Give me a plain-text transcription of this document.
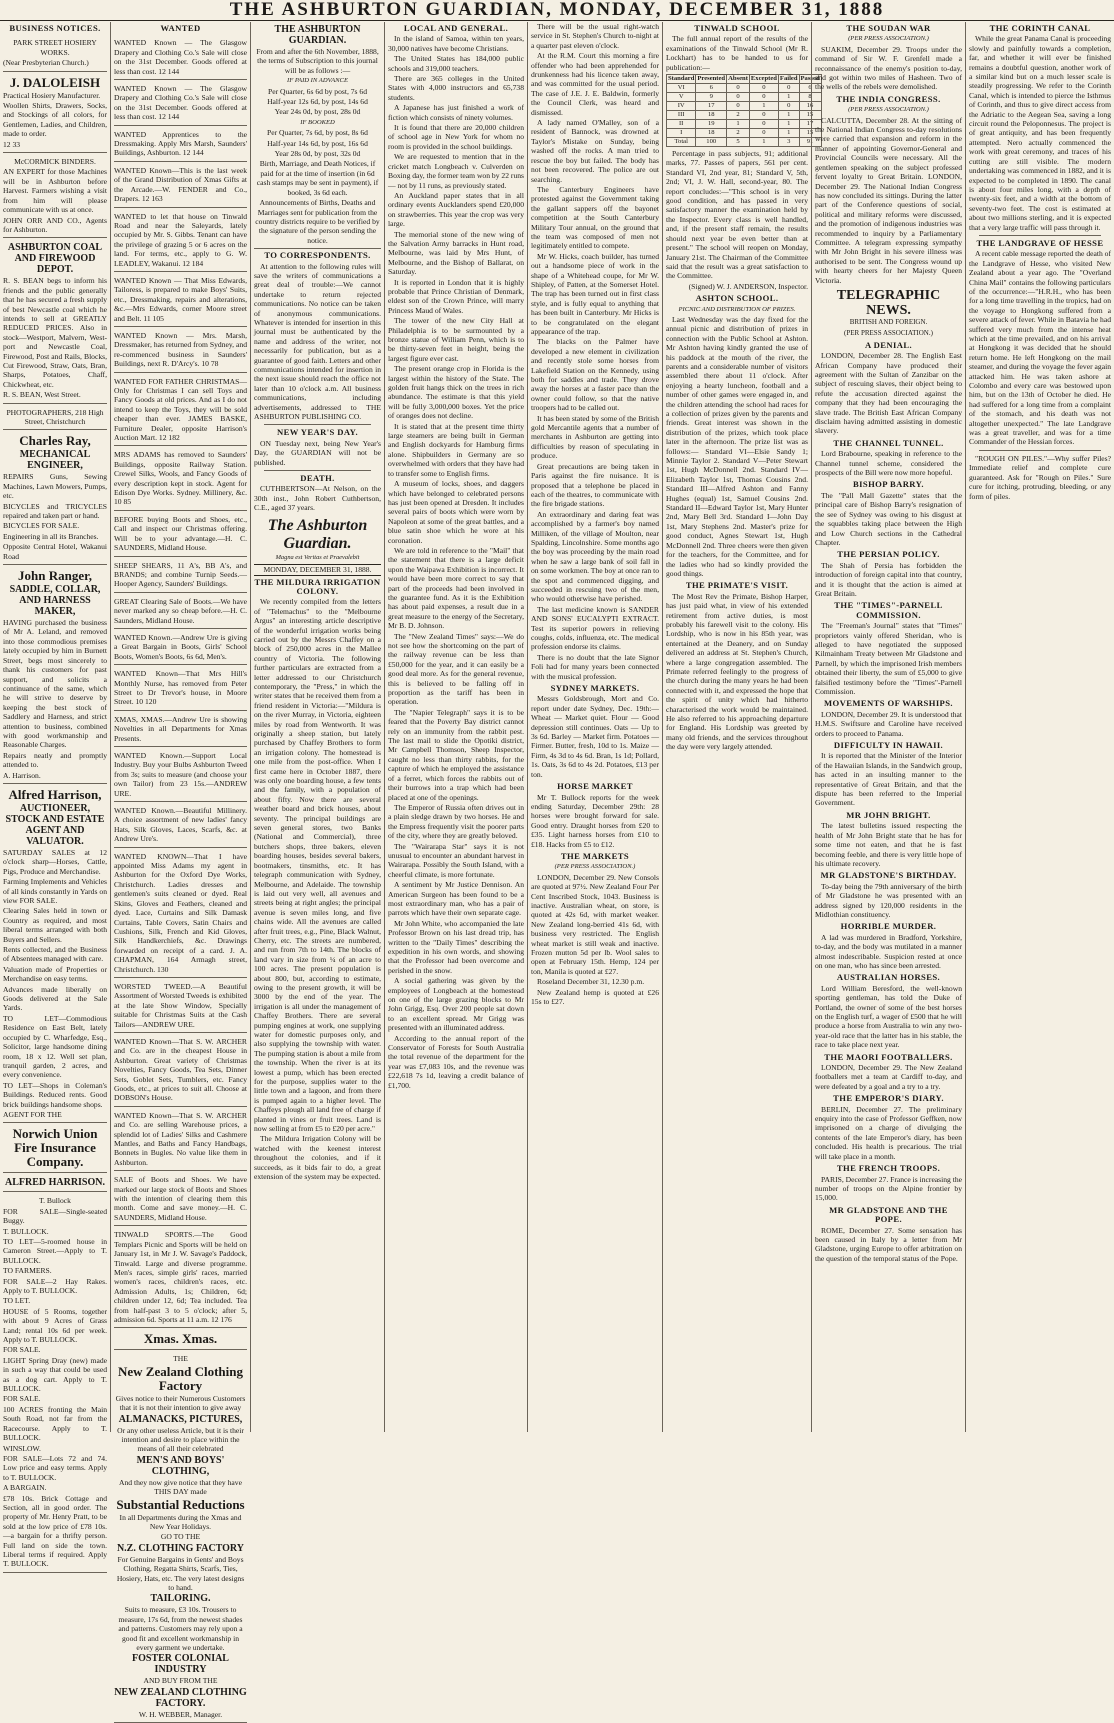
THE ASHBURTON GUARDIAN, MONDAY, DECEMBER 31, 1888
BUSINESS NOTICES.

PARK STREET HOSIERY WORKS.

(Near Presbyterian Church.)

J. DALOLEISH

Practical Hosiery Manufacturer.

Woollen Shirts, Drawers, Socks, and Stockings of all colors, for Gentlemen, Ladies, and Children, made to order.

12 33

McCORMICK BINDERS.

AN EXPERT for those Machines will be in Ashburton before Harvest. Farmers wishing a visit from him will please communicate with us at once.

JOHN ORR AND CO., Agents for Ashburton.

ASHBURTON COAL AND FIREWOOD DEPOT.

R. S. BEAN begs to inform his friends and the public generally that he has secured a fresh supply of best Newcastle coal which he intends to sell at GREATLY REDUCED PRICES. Also in stock—Westport, Malvern, West-port and Newcastle Coal, Firewood, Post and Rails, Blocks, Cut Firewood, Straw, Oats, Bran, Sharps, Potatoes, Chaff, Chickwheat, etc.

R. S. BEAN, West Street.

PHOTOGRAPHERS, 218 High Street, Christchurch

Charles Ray,

MECHANICAL ENGINEER,

REPAIRS Guns, Sewing Machines, Lawn Mowers, Pumps, etc.

BICYCLES and TRICYCLES repaired and taken part or hand.

BICYCLES FOR SALE.

Engineering in all its Branches.

Opposite Central Hotel, Wakanui Road

John Ranger,

SADDLE, COLLAR, AND HARNESS MAKER,

HAVING purchased the business of Mr A. Leland, and removed into those commodious premises lately occupied by him in Burnett Street, begs most sincerely to thank his customers for past support, and solicits a continuance of the same, which he will strive to deserve by keeping the best stock of Saddlery and Harness, and strict attention to business, combined with good workmanship and Reasonable Charges.

Repairs neatly and promptly attended to.

A. Harrison.

Alfred Harrison,

AUCTIONEER, STOCK AND ESTATE AGENT AND VALUATOR.

SATURDAY SALES at 12 o'clock sharp—Horses, Cattle, Pigs, Produce and Merchandise.

Farming Implements and Vehicles of all kinds constantly in Yards on view FOR SALE.

Clearing Sales held in town or Country as required, and most liberal terms arranged with both Buyers and Sellers.

Rents collected, and the Business of Absentees managed with care.

Valuation made of Properties or Merchandise on easy terms.

Advances made liberally on Goods delivered at the Sale Yards.

TO LET—Commodious Residence on East Belt, lately occupied by C. Wharfedge, Esq., Solicitor, large handsome dining room, 18 x 12. Well set plan, tranquil garden, 2 acres, and every convenience.

TO LET—Shops in Coleman's Buildings. Reduced rents. Good brick buildings handsome shops.

AGENT FOR THE

Norwich Union Fire Insurance Company.

ALFRED HARRISON.

T. Bullock

FOR SALE—Single-seated Buggy.

T. BULLOCK.

TO LET—5-roomed house in Cameron Street.—Apply to T. BULLOCK.

TO FARMERS.

FOR SALE—2 Hay Rakes. Apply to T. BULLOCK.

TO LET.

HOUSE of 5 Rooms, together with about 9 Acres of Grass Land; rental 10s 6d per week. Apply to T. BULLOCK.

FOR SALE.

LIGHT Spring Dray (new) made in such a way that could be used as a dog cart. Apply to T. BULLOCK.

FOR SALE.

100 ACRES fronting the Main South Road, not far from the Racecourse. Apply to T. BULLOCK.

WINSLOW.

FOR SALE—Lots 72 and 74. Low price and easy terms. Apply to T. BULLOCK.

A BARGAIN.

£78 10s. Brick Cottage and Section, all in good order. The property of Mr. Henry Pratt, to be sold at the low price of £78 10s.—a bargain for a thrifty person. Full land on side the town. Liberal terms if required. Apply T. BULLOCK.

WANTED

WANTED Known — The Glasgow Drapery and Clothing Co.'s Sale will close on the 31st December. Goods offered at less than cost. 12 144

WANTED Known — The Glasgow Drapery and Clothing Co.'s Sale will close on the 31st December. Goods offered at less than cost. 12 144

WANTED Apprentices to the Dressmaking. Apply Mrs Marsh, Saunders' Buildings, Ashburton. 12 144

WANTED Known—This is the last week of the Grand Distribution of Xmas Gifts at the Arcade.—W. FENDER and Co., Drapers. 12 163

WANTED to let that house on Tinwald Road and near the Saleyards, lately occupied by Mr. S. Gibbs. Tenant can have the privilege of grazing 5 or 6 acres on the land. For terms, etc., apply to G. W. LEADLEY, Wakanui. 12 184

WANTED Known — That Miss Edwards, Tailoress, is prepared to make Boys' Suits, etc., Dressmaking, repairs and alterations, &c.—Mrs Edwards, corner Moore street and Belt. 11 105

WANTED Known — Mrs. Marsh, Dressmaker, has returned from Sydney, and re-commenced business in Saunders' Buildings, next R. D'Arcy's. 10 78

WANTED FOR FATHER CHRISTMAS—Only for Christmas I can sell Toys and Fancy Goods at old prices. And as I do not intend to keep the Toys, they will be sold cheaper than ever. JAMES BASKE, Furniture Dealer, opposite Harrison's Auction Mart. 12 182

MRS ADAMS has removed to Saunders' Buildings, opposite Railway Station. Crewel Silks, Wools, and Fancy Goods of every description kept in stock. Agent for Edison Dye Works. Sydney. Millinery, &c. 10 85

BEFORE buying Boots and Shoes, etc., Call and inspect our Christmas offering. Will be to your advantage.—H. C. SAUNDERS, Midland House.

SHEEP SHEARS, 11 A's, BB A's, and BRANDS; and combine Turnip Seeds.—Hooper Agency, Saunders' Buildings.

GREAT Clearing Sale of Boots.—We have never marked any so cheap before.—H. C. Saunders, Midland House.

WANTED Known.—Andrew Ure is giving a Great Bargain in Boots, Girls' School Boots, Women's Boots, 6s 6d, Men's.

WANTED Known—That Mrs Hill's Monthly Nurse, has removed from Peter Street to Dr Trevor's house, in Moore Street. 10 120

XMAS, XMAS.—Andrew Ure is showing Novelties in all Departments for Xmas Presents.

WANTED Known.—Support Local Industry. Buy your Bulbs Ashburton Tweed from 3s; suits to measure (and choose your own Tailor) from 23 15s.—ANDREW URE.

WANTED Known.—Beautiful Millinery. A choice assortment of new ladies' fancy Hats, Silk Gloves, Laces, Scarfs, &c. at Andrew Ure's.

WANTED KNOWN—That I have appointed Miss Adams my agent in Ashburton for the Oxford Dye Works, Christchurch. Ladies dresses and gentlemen's suits cleaned or dyed. Real Skins, Gloves and Feathers, cleaned and dyed. Lace, Curtains and Silk Damask Curtains, Table Covers, Satin Chairs and Cushions, Silk, French and Kid Gloves, Silk Handkerchiefs, &c. Drawings forwarded on receipt of a card. J. A. CHAPMAN, 164 Armagh street, Christchurch. 130

WORSTED TWEED.—A Beautiful Assortment of Worsted Tweeds is exhibited at the late Show Window, Specially suitable for Christmas Suits at the Cash Tailors—ANDREW URE.

WANTED Known—That S. W. ARCHER and Co. are in the cheapest House in Ashburton. Great variety of Christmas Novelties, Fancy Goods, Tea Sets, Dinner Sets, Goblet Sets, Tumblers, etc. Fancy Goods, etc., at prices to suit all. Choose at DOBSON's House.

WANTED Known—That S. W. ARCHER and Co. are selling Warehouse prices, a splendid lot of Ladies' Silks and Cashmere Mantles, and Baths and Fancy Handbags, Bonnets in Bugles. No value like them in Ashburton.

SALE of Boots and Shoes. We have marked our large stock of Boots and Shoes with the intention of clearing them this month. Come and save money.—H. C. SAUNDERS, Midland House.

TINWALD SPORTS.—The Good Templars Picnic and Sports will be held on January 1st, in Mr J. W. Savage's Paddock, Tinwald. Large and diverse programme. Men's races, simple girls' races, married women's races, children's races, etc. Admission Adults, 1s; Children, 6d; children under 12, 6d; Tea included. Tea from half-past 3 to 5 o'clock; after 5, admission 6d. Sports at 11 a.m. 12 176

Xmas. Xmas.

THE

New Zealand Clothing Factory

Gives notice to their Numerous Customers that it is not their intention to give away

ALMANACKS, PICTURES,

Or any other useless Article, but it is their intention and desire to place within the means of all their celebrated

MEN'S AND BOYS' CLOTHING,

And they now give notice that they have THIS DAY made

Substantial Reductions

In all Departments during the Xmas and New Year Holidays.

GO TO THE

N.Z. CLOTHING FACTORY

For Genuine Bargains in Gents' and Boys Clothing, Regatta Shirts, Scarfs, Ties, Hosiery, Hats, etc. The very latest designs to hand.

TAILORING.

Suits to measure, £3 10s. Trousers to measure, 17s 6d, from the newest shades and patterns. Customers may rely upon a good fit and excellent workmanship in every garment we undertake.

FOSTER COLONIAL INDUSTRY

AND BUY FROM THE

NEW ZEALAND CLOTHING FACTORY.

W. H. WEBBER, Manager.

THE ASHBURTON GUARDIAN.

From and after the 6th November, 1888, the terms of Subscription to this journal will be as follows :—

IF PAID IN ADVANCE

Per Quarter, 6s 6d by post, 7s 6d

Half-year 12s 6d, by post, 14s 6d

Year 24s 0d, by post, 28s 0d

IF BOOKED

Per Quarter, 7s 6d, by post, 8s 6d

Half-year 14s 6d, by post, 16s 6d

Year 28s 0d, by post, 32s 0d

Birth, Marriage, and Death Notices, if paid for at the time of insertion (in 6d cash stamps may be sent in payment), if booked, 3s 6d each.

Announcements of Births, Deaths and Marriages sent for publication from the country districts require to be verified by the signature of the person sending the notice.

TO CORRESPONDENTS.

At attention to the following rules will save the writers of communications a great deal of trouble:—We cannot undertake to return rejected communications. No notice can be taken of anonymous communications. Whatever is intended for insertion in this journal must be authenticated by the name and address of the writer, not necessarily for publication, but as a guarantee of good faith. Letters and other communications intended for insertion in the next issue should reach the office not later than 10 o'clock a.m. All business communications, including advertisements, addressed to THE ASHBURTON PUBLISHING CO.

NEW YEAR'S DAY.

ON Tuesday next, being New Year's Day, the GUARDIAN will not be published.

DEATH.

CUTHBERTSON—At Nelson, on the 30th inst., John Robert Cuthbertson, C.E., aged 37 years.

The Ashburton Guardian.
Magna est Veritas et Praevalebit
MONDAY, DECEMBER 31, 1888.
THE MILDURA IRRIGATION COLONY.

We recently compiled from the letters of "Telemachus" to the "Melbourne Argus" an interesting article descriptive of the wonderful irrigation works being carried out by the Messrs Chaffey on a block of 250,000 acres in the Mallee country of Victoria. The following further particulars are extracted from a letter addressed to our Christchurch contemporary, the "Press," in which the writer states that he received them from a friend resident in Victoria:—"Mildura is on the river Murray, in Victoria, eighteen miles by road from Wentworth. It was originally a sheep station, but lately purchased by Chaffey Brothers to form an irrigation colony. The homestead is one mile from the post-office. When I first came here in October 1887, there was only one boarding house, a few tents and the family, with a population of about fifty. Now there are several weather board and brick houses, about seventy. The principal buildings are seven general stores, two Banks (National and Commercial), three butchers shops, three bakers, eleven boarding houses, besides several bakers, bootmakers, tinsmiths, etc. It has telegraph communication with Sydney, Melbourne, and Adelaide. The township is laid out very well, all avenues and streets being at right angles; the principal avenue is seven miles long, and five chains wide. All the avenues are called after fruit trees, e.g., Pine, Black Walnut, Cherry, etc. The streets are numbered, and run from 7th to 14th. The blocks of land vary in size from ¼ of an acre to 100 acres. The present population is about 800, but, according to estimate, owing to the present growth, it will be 3000 by the end of the year. The irrigation is all under the management of Chaffey Brothers. There are several pumping engines at work, one supplying water for domestic purposes only, and also supplying the township with water. The pumping station is about a mile from the township. When the river is at its lowest a pump, which has been erected for the purpose, supplies water to the little town and a lagoon, and from there is pumped again to a higher level. The Chaffeys plough all land free of charge if planted in vines or fruit trees. Land is now selling at from £5 to £20 per acre."

The Mildura Irrigation Colony will be watched with the keenest interest throughout the colonies, and if it succeeds, as it bids fair to do, a great extension of the system may be expected.

LOCAL AND GENERAL.

In the island of Samoa, within ten years, 30,000 natives have become Christians.

The United States has 184,000 public schools and 319,000 teachers.

There are 365 colleges in the United States with 4,000 instructors and 65,738 students.

A Japanese has just finished a work of fiction which consists of ninety volumes.

It is found that there are 20,000 children of school age in New York for whom no room is provided in the school buildings.

We are requested to mention that in the cricket match Longbeach v. Culverden on Boxing day, the former team won by 22 runs— not by 11 runs, as previously stated.

An Auckland paper states that in all ordinary events Aucklanders spend £20,000 on strawberries. This year the crop was very large.

The memorial stone of the new wing of the Salvation Army barracks in Hunt road, Melbourne, was laid by Mrs Hunt, of Melbourne, and the Bishop of Ballarat, on Saturday.

It is reported in London that it is highly probable that Prince Christian of Denmark, eldest son of the Crown Prince, will marry Princess Maud of Wales.

The tower of the new City Hall at Philadelphia is to be surmounted by a bronze statue of William Penn, which is to be thirty-seven feet in height, being the largest figure ever cast.

The present orange crop in Florida is the largest within the history of the State. The golden fruit hangs thick on the trees in rich abundance. The estimate is that this yield will be fully 3,000,000 boxes. Yet the price of oranges does not decline.

It is stated that at the present time thirty large steamers are being built in German and English dockyards for Hamburg firms alone. Shipbuilders in Germany are so overwhelmed with orders that they have had to transfer some to English firms.

A museum of locks, shoes, and daggers which have belonged to celebrated persons has just been opened at Dresden. It includes several pairs of boots which were worn by Napoleon at some of the great battles, and a blue satin shoe which he wore at his coronation.

We are told in reference to the "Mail" that the statement that there is a large deficit upon the Waipawa Exhibition is incorrect. It would have been more correct to say that part of the proceeds had been involved in the guarantee fund. As it is the Exhibition has about paid expenses, a result due in a great measure to the energy of the Secretary, Mr B. D. Johnson.

The "New Zealand Times" says:—We do not see how the shortcoming on the part of the railway revenue can be less than £50,000 for the year, and it can easily be a good deal more. As for the general revenue, this is believed to be falling off in proportion as the tariff has been in operation.

The "Napier Telegraph" says it is to be feared that the Poverty Bay district cannot rely on an immunity from the rabbit pest. The last mail to slide the Opotiki district, Mr Campbell Thomson, Sheep Inspector, caught no less than thirty rabbits, for the capture of which he employed the assistance of a ferret, which forces the rabbits out of their burrows into a trap which had been placed at one of the openings.

The Emperor of Russia often drives out in a plain sledge drawn by two horses. He and the Empress frequently visit the poorer parts of the city, where they are greatly beloved.

The "Wairarapa Star" says it is not unusual to encounter an abundant harvest in Wairarapa. Possibly the South Island, with a cheerful climate, is more fortunate.

A sentiment by Mr Justice Dennison. An American Surgeon has been found to be a most extraordinary man, who has a pair of parrots which have their own separate cage.

Mr John White, who accompanied the late Professor Brown on his last dread trip, has written to the "Daily Times" describing the expedition in his own words, and showing that the Professor had been overcome and perished in the snow.

A social gathering was given by the employees of Longbeach at the homestead on one of the large grazing blocks to Mr John Grigg, Esq. Over 200 people sat down to an excellent spread. Mr Grigg was presented with an illuminated address.

According to the annual report of the Conservator of Forests for South Australia the total revenue of the department for the year was £7,083 10s, and the revenue was £22,618 7s 1d, leaving a credit balance of £1,700.

There will be the usual right-watch service in St. Stephen's Church to-night at a quarter past eleven o'clock.

At the R.M. Court this morning a fire offender who had been apprehended for drunkenness had his licence taken away, and was committed for the usual period. The case of J.E. J. E. Baldwin, formerly the Council Clerk, was heard and dismissed.

A lady named O'Malley, son of a resident of Bannock, was drowned at Taylor's Mistake on Sunday, being washed off the rocks. A man tried to rescue the boy but failed. The body has not been recovered. The police are out searching.

The Canterbury Engineers have protested against the Government taking the gallant sappers off the bayonet competition at the South Canterbury Military Tour annual, on the ground that the team was composed of men not legitimately entitled to compete.

Mr W. Hicks, coach builder, has turned out a handsome piece of work in the shape of a Whitehead coupe, for Mr W. Shipley, of Patten, at the Somerset Hotel. The trap has been turned out in first class style, and is fully equal to anything that has been built in Canterbury. Mr Hicks is to be congratulated on the elegant appearance of the trap.

The blacks on the Palmer have developed a new element in civilization and recently stole some horses from Lakefield Station on the Kennedy, using both for saddles and trade. They drove away the horses at a faster pace than the owner could follow, so that the native troopers had to be called out.

It has been stated by some of the British gold Mercantile agents that a number of merchants in Ashburton are getting into difficulties by reason of speculating in produce.

Great precautions are being taken in Paris against the fire nuisance. It is proposed that a telephone be placed in each of the theatres, to communicate with the fire brigade stations.

An extraordinary and daring feat was accomplished by a farmer's boy named Milliken, of the village of Moulton, near Spalding, Lincolnshire. Some months ago the boy was proceeding by the main road when he saw a large bank of soil fall in on some workmen. The boy at once ran to the spot and commenced digging, and succeeded in rescuing two of the men, who would otherwise have perished.

The last medicine known is SANDER AND SONS' EUCALYPTI EXTRACT. Test its superior powers in relieving coughs, colds, influenza, etc. The medical profession endorse its claims.

There is no doubt that the late Signor Foli had for many years been connected with the musical profession.

SYDNEY MARKETS.

Messrs Goldsbrough, Mort and Co. report under date Sydney, Dec. 19th:— Wheat — Market quiet. Flour — Good depression still continues. Oats — Up to 3s 6d. Barley — Market firm. Potatoes — Firmer. Butter, fresh, 10d to 1s. Maize — Firm, 4s 3d to 4s 6d. Bran, 1s 1d; Pollard, 1s. Oats, 3s 6d to 4s 2d. Potatoes, £13 per ton.

HORSE MARKET

Mr T. Bullock reports for the week ending Saturday, December 29th: 28 horses were brought forward for sale. Good entry. Draught horses from £20 to £35. Light harness horses from £10 to £18. Hacks from £5 to £12.

THE MARKETS
(PER PRESS ASSOCIATION.)

LONDON, December 29. New Consols are quoted at 97½. New Zealand Four Per Cent Inscribed Stock, 1043. Business is inactive. Australian wheat, on store, is quoted at 42s 6d, with market weaker. New Zealand long-berried 41s 6d, with business very restricted. The English wheat market is still weak and inactive. Frozen mutton 5d per lb. Wool sales to open at February 15th. Hemp, 124 per ton, Manila is quoted at £27.

Roseland December 31, 12.30 p.m.

New Zealand hemp is quoted at £26 15s to £27.

TINWALD SCHOOL

The full annual report of the results of the examinations of the Tinwald School (Mr R. Lockhart) has to be handed to us for publication:—

Standard	Presented	Absent	Excepted	Failed	Passed
VI	6	0	0	0	6
V	9	0	0	1	8
IV	17	0	1	0	16
III	18	2	0	1	15
II	19	1	0	1	17
I	18	2	0	1	15
Total	100	5	1	3	91

Percentage in pass subjects, 91; additional marks, 77. Passes of papers, 561 per cent. Standard VI, 2nd year, 81; Standard V, 5th, 2nd; VI, J. W. Hall, second-year, 80. The report concludes:—"This school is in very good condition, and has passed in very satisfactory manner the examination held by the Inspector. Every class is well handled, and, if the present staff remain, the results should next year be even better than at present." The school will reopen on Monday, January 21st. The Chairman of the Committee said that the result was a great satisfaction to the Committee.

(Signed) W. J. ANDERSON, Inspector.

ASHTON SCHOOL.
PICNIC AND DISTRIBUTION OF PRIZES.

Last Wednesday was the day fixed for the annual picnic and distribution of prizes in connection with the Public School at Ashton. Mr Ashton having kindly granted the use of his paddock at the mouth of the river, the parents and a considerable number of visitors assembled there about 11 o'clock. After enjoying a hearty luncheon, football and a number of other games were engaged in, and the children attending the school had races for a collection of prizes given by the parents and friends. Great interest was shown in the distribution of the prizes, which took place later in the afternoon. The prize list was as follows:— Standard VI—Elsie Sandy 1; Minnie Taylor 2. Standard V—Peter Stewart 1st, Hugh McDonnell 2nd. Standard IV—Elizabeth Taylor 1st, Thomas Cousins 2nd. Standard III—Alfred Ashton and Fanny Hughes (equal) 1st, Samuel Cousins 2nd. Standard II—Edward Taylor 1st, Mary Hunter 2nd, Mary Bell 3rd. Standard I—John Day 1st, Mary Stephens 2nd. Master's prize for good conduct, Agnes Stewart 1st, Hugh McDonnell 2nd. Three cheers were then given for the teachers, for the Committee, and for the ladies who had so kindly provided the good things.

THE PRIMATE'S VISIT.

The Most Rev the Primate, Bishop Harper, has just paid what, in view of his extended retirement from active duties, is most probably his farewell visit to the colony. His Lordship, who is now in his 85th year, was entertained at the Deanery, and on Sunday delivered an address at St. Stephen's Church, where a large congregation assembled. The Primate referred feelingly to the progress of the church during the many years he had been connected with it, and expressed the hope that the spirit of unity which had hitherto characterised the work would be maintained. He also referred to his approaching departure for England. His Lordship was greeted by many old friends, and the services throughout the day were very largely attended.

THE SOUDAN WAR
(PER PRESS ASSOCIATION.)

SUAKIM, December 29. Troops under the command of Sir W. F. Grenfell made a reconnaissance of the enemy's position to-day, and got within two miles of Hasheen. Two of the wells of the rebels were demolished.

THE INDIA CONGRESS.
(PER PRESS ASSOCIATION.)

CALCUTTA, December 28. At the sitting of the National Indian Congress to-day resolutions were carried that expansion and reform in the manner of appointing Governor-General and Provincial Councils were necessary. All the gentlemen speaking on the subject professed fervent loyalty to Great Britain. LONDON, December 29. The National Indian Congress has now concluded its sittings. During the latter part of the Conference questions of social, political and military reforms were discussed, and the promotion of indigenous industries was recommended to inquiry by a Parliamentary Committee. A telegram expressing sympathy with Mr John Bright in his severe illness was authorised to be sent. The Congress wound up with hearty cheers for her Majesty Queen Victoria.

TELEGRAPHIC NEWS.
BRITISH AND FOREIGN.
(PER PRESS ASSOCIATION.)
A DENIAL.

LONDON, December 28. The English East African Company have produced their agreement with the Sultan of Zanzibar on the subject of rescuing slaves, their object being to refute the accusation directed against the company that they had been encouraging the slave trade. The British East African Company disclaim having admitted assisting in domestic slavery.

THE CHANNEL TUNNEL.

Lord Brabourne, speaking in reference to the Channel tunnel scheme, considered the prospects of the Bill were now more hopeful.

BISHOP BARRY.

The "Pall Mall Gazette" states that the principal care of Bishop Barry's resignation of the see of Sydney was owing to his disgust at the squabbles taking place between the High and Low Church sections in the Cathedral Chapter.

THE PERSIAN POLICY.

The Shah of Persia has forbidden the introduction of foreign capital into that country, and it is thought that the action is aimed at Great Britain.

THE "TIMES"-PARNELL COMMISSION.

The "Freeman's Journal" states that "Times" proprietors vainly offered Sheridan, who is alleged to have negotiated the supposed Kilmainham Treaty between Mr Gladstone and Parnell, by which the imprisoned Irish members obtained their liberty, the sum of £5,000 to give falsified testimony before the "Times"-Parnell Commission.

MOVEMENTS OF WARSHIPS.

LONDON, December 29. It is understood that H.M.S. Swiftsure and Caroline have received orders to proceed to Panama.

DIFFICULTY IN HAWAII.

It is reported that the Minister of the Interior of the Hawaiian Islands, in the Sandwich group, has acted in an insulting manner to the representative of Great Britain, and that the dispute has been referred to the Imperial Government.

MR JOHN BRIGHT.

The latest bulletins issued respecting the health of Mr John Bright state that he has for some time not eaten, and that he is fast becoming feeble, and there is very little hope of his ultimate recovery.

MR GLADSTONE'S BIRTHDAY.

To-day being the 79th anniversary of the birth of Mr Gladstone he was presented with an address signed by 120,000 residents in the Midlothian constituency.

HORRIBLE MURDER.

A lad was murdered in Bradford, Yorkshire, to-day, and the body was mutilated in a manner almost indescribable. Suspicion rested at once on one man, who has since been arrested.

AUSTRALIAN HORSES.

Lord William Beresford, the well-known sporting gentleman, has told the Duke of Portland, the owner of some of the best horses on the English turf, a wager of £500 that he will produce a horse from Australia to win any two-year-old race that the latter has in his stable, the race to take place next year.

THE MAORI FOOTBALLERS.

LONDON, December 29. The New Zealand footballers met a team at Cardiff to-day, and were defeated by a goal and a try to a try.

THE EMPEROR'S DIARY.

BERLIN, December 27. The preliminary enquiry into the case of Professor Geffken, now imprisoned on a charge of divulging the contents of the late Emperor's diary, has been concluded. His health is precarious. The trial will take place in a month.

THE FRENCH TROOPS.

PARIS, December 27. France is increasing the number of troops on the Alpine frontier by 15,000.

MR GLADSTONE AND THE POPE.

ROME, December 27. Some sensation has been caused in Italy by a letter from Mr Gladstone, urging Europe to offer arbitration on the question of the temporal status of the Pope.

THE CORINTH CANAL

While the great Panama Canal is proceeding slowly and painfully towards a completion, far, and whether it will ever be finished remains a doubtful question, another work of a similar kind but on a much lesser scale is steadily progressing. We refer to the Corinth Canal, which is intended to pierce the Isthmus of Corinth, and thus to give direct access from the Adriatic to the Aegean Sea, saving a long circuit round the Peloponnesus. The project is of great antiquity, and has been frequently attempted. Nero actually commenced the work with great ceremony, and traces of his cutting are still visible. The modern undertaking was commenced in 1882, and it is expected to be completed in 1890. The canal is about four miles long, with a depth of twenty-six feet, and a width at the bottom of seventy-two feet. The cost is estimated at about two millions sterling, and it is expected that a very large traffic will pass through it.

THE LANDGRAVE OF HESSE

A recent cable message reported the death of the Landgrave of Hesse, who visited New Zealand about a year ago. The "Overland China Mail" contains the following particulars of the occurrence:—"H.R.H., who has been for a long time travelling in the tropics, had on the voyage to Hongkong suffered from a severe attack of fever. While in Batavia he had suffered very much from the intense heat which at the time prevailed, and on his arrival at Hongkong it was decided that he should return home. He left Hongkong on the mail steamer, and during the voyage the fever again attacked him. He was taken ashore at Colombo and every care was bestowed upon him, but on the 13th of October he died. He had suffered for a long time from a complaint of the stomach, and his death was not altogether unexpected." The late Landgrave was a great traveller, and was for a time Commander of the Hessian forces.

"ROUGH ON PILES."—Why suffer Piles? Immediate relief and complete cure guaranteed. Ask for "Rough on Piles." Sure cure for itching, protruding, bleeding, or any form of piles.
